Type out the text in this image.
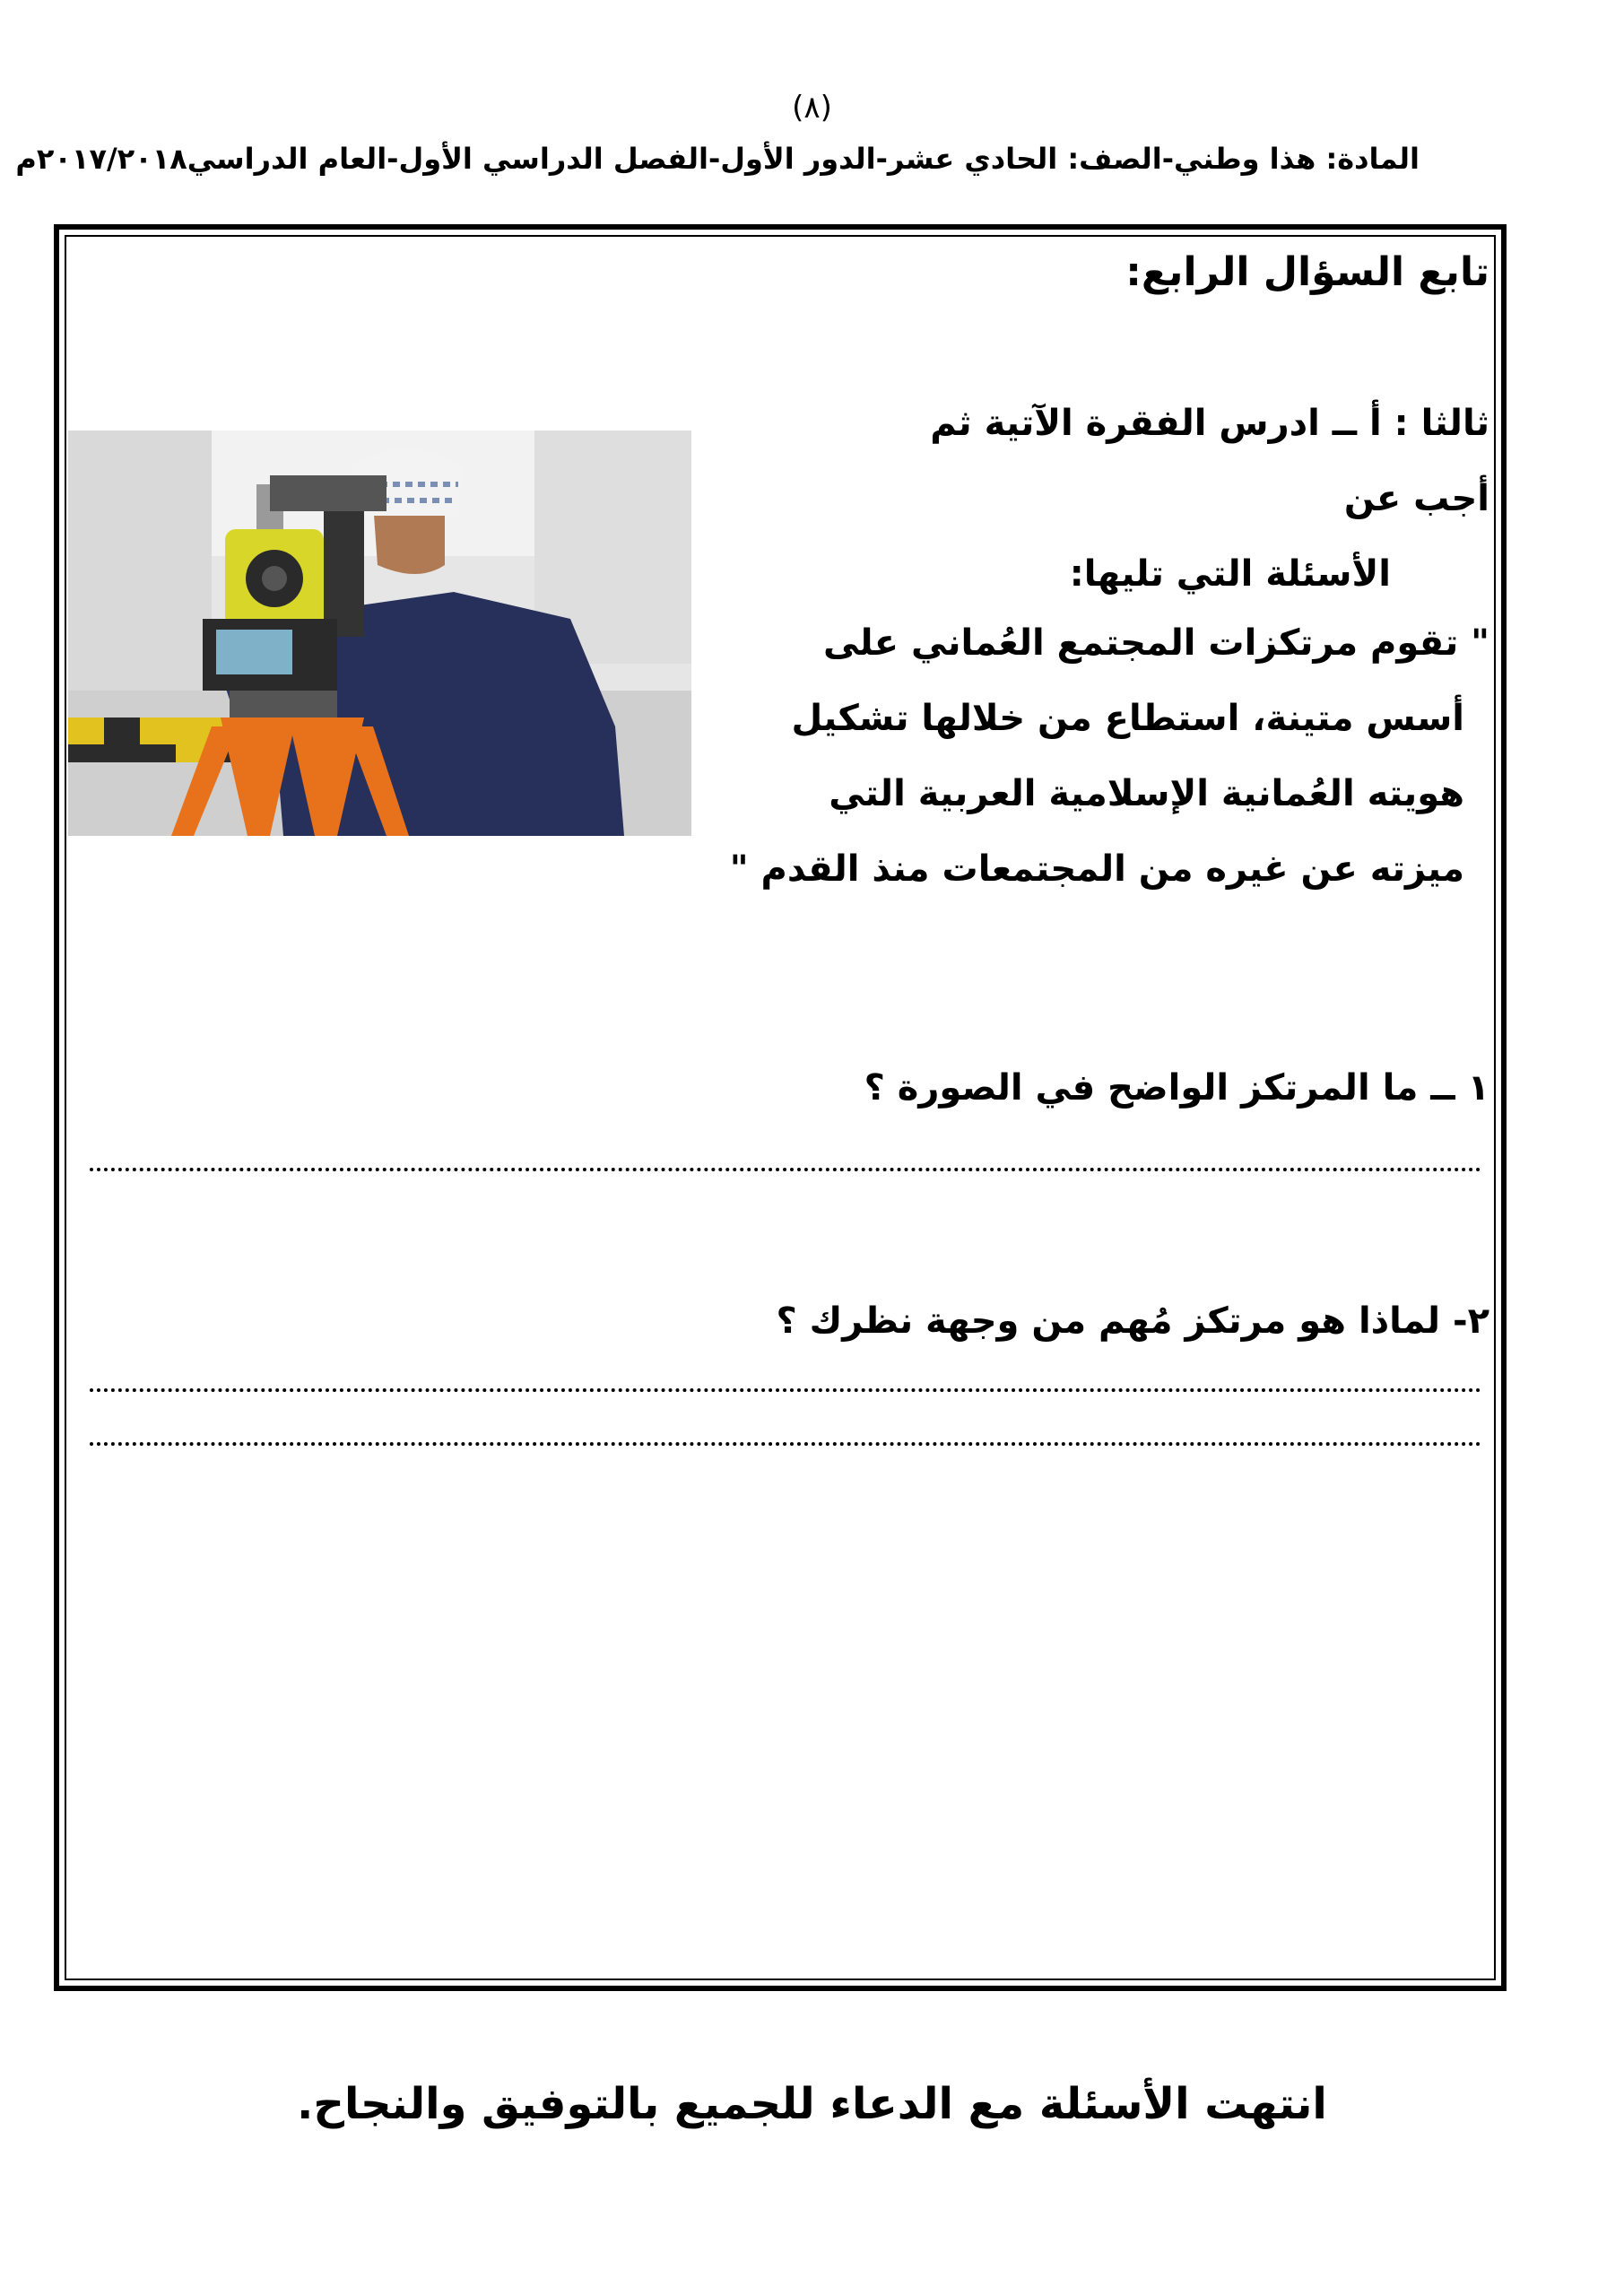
(٨)
المادة: هذا وطني-الصف: الحادي عشر-الدور الأول-الفصل الدراسي الأول-العام الدراسي٢٠١٧/٢٠١٨م
تابع السؤال الرابع:
ثالثا : أ ــ ادرس الفقرة الآتية ثم أجب عن
الأسئلة التي تليها:
" تقوم مرتكزات المجتمع العُماني على
أسس متينة، استطاع من خلالها تشكيل
هويته العُمانية الإسلامية العربية التي
ميزته عن غيره من المجتمعات منذ القدم "
١ ــ ما المرتكز الواضح في الصورة ؟
٢- لماذا هو مرتكز مُهم من وجهة نظرك ؟
انتهت الأسئلة مع الدعاء للجميع بالتوفيق والنجاح.
